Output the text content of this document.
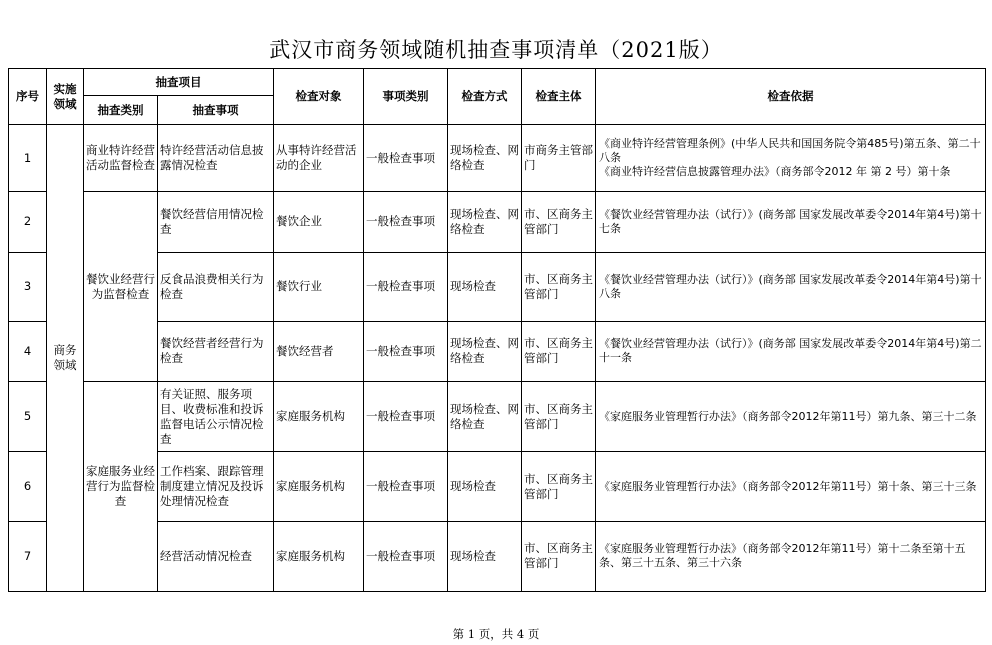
武汉市商务领域随机抽查事项清单（2021版）
序号	实施领域	抽查项目		检查对象	事项类别	检查方式	检查主体	检查依据
		抽查类别	抽查事项					
1	商务领域	商业特许经营活动监督检查	特许经营活动信息披露情况检查	从事特许经营活动的企业	一般检查事项	现场检查、网络检查	市商务主管部门	《商业特许经营管理条例》(中华人民共和国国务院令第485号)第五条、第二十八条
《商业特许经营信息披露管理办法》（商务部令2012 年 第 2 号）第十条
2		餐饮业经营行为监督检查	餐饮经营信用情况检查	餐饮企业	一般检查事项	现场检查、网络检查	市、区商务主管部门	《餐饮业经营管理办法（试行）》(商务部 国家发展改革委令2014年第4号)第十七条
3			反食品浪费相关行为检查	餐饮行业	一般检查事项	现场检查	市、区商务主管部门	《餐饮业经营管理办法（试行）》(商务部 国家发展改革委令2014年第4号)第十八条
4			餐饮经营者经营行为检查	餐饮经营者	一般检查事项	现场检查、网络检查	市、区商务主管部门	《餐饮业经营管理办法（试行）》(商务部 国家发展改革委令2014年第4号)第二十一条
5		家庭服务业经营行为监督检查	有关证照、服务项目、收费标准和投诉监督电话公示情况检查	家庭服务机构	一般检查事项	现场检查、网络检查	市、区商务主管部门	《家庭服务业管理暂行办法》（商务部令2012年第11号）第九条、第三十二条
6			工作档案、跟踪管理制度建立情况及投诉处理情况检查	家庭服务机构	一般检查事项	现场检查	市、区商务主管部门	《家庭服务业管理暂行办法》（商务部令2012年第11号）第十条、第三十三条
7			经营活动情况检查	家庭服务机构	一般检查事项	现场检查	市、区商务主管部门	《家庭服务业管理暂行办法》（商务部令2012年第11号）第十二条至第十五条、第三十五条、第三十六条
第 1 页，共 4 页
